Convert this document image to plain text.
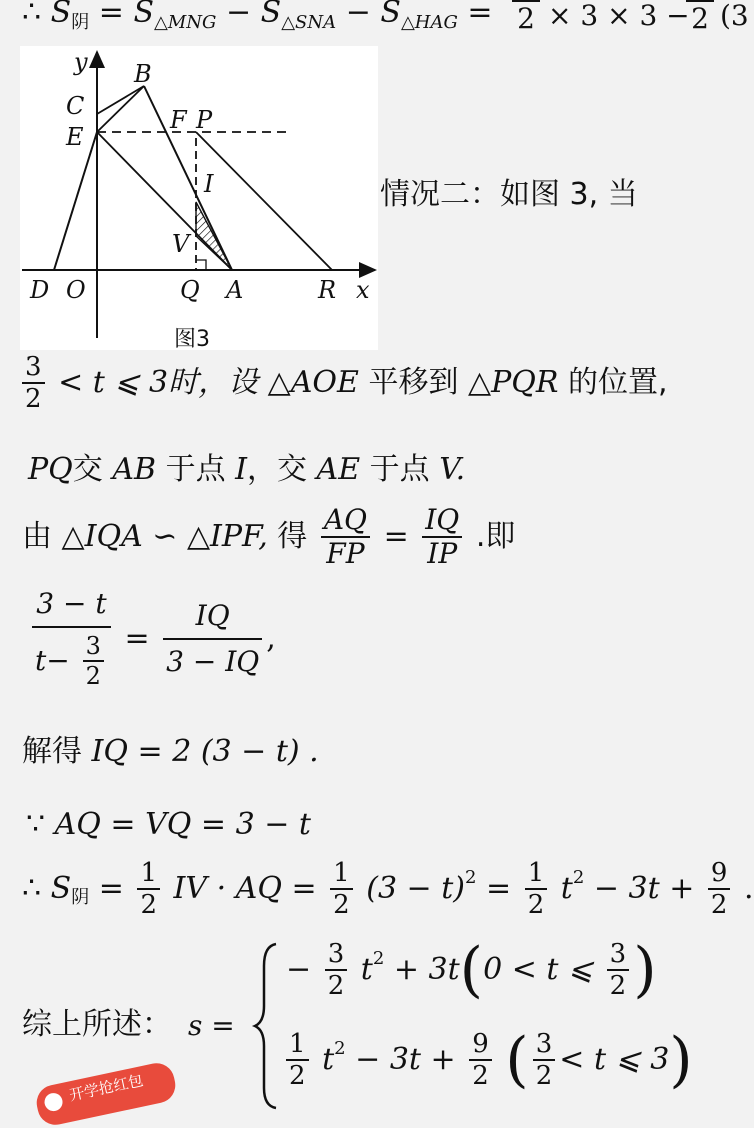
∴ $S_阴 = S_{\triangle MNG} - S_{\triangle SNA} - S_{\triangle HAG} = 2 \times 3 \times 3 - 2$ (3
y B
C
E
F P
I
V
D O	Q A	R x
图3
情况二：如图 3, 当
$\frac{3}{2} < t$ ⩽ 3时，设 △AOE 平移到 △PQR 的位置,
PQ交 AB 于点 I，交 AE 于点 V.
由 △IQA ∽ △IPF, 得 $\frac{AQ}{FP} = \frac{IQ}{IP}$ .即
$\frac{3 - t}{t- \frac{3}{2}} = \frac{IQ}{3 - IQ}$ ,
解得 IQ = 2 (3 − t) .
∵ AQ = VQ = 3 − t
∴ $S_阴 = \frac{1}{2}$ IV · AQ = $\frac{1}{2} (3 - t)^2 = \frac{1}{2} t^2 - 3t + \frac{9}{2}$ .
综上所述： s =
− $\frac{3}{2} t^2 + 3t(0 < t$ ⩽ $\frac{3}{2}$ )
$\frac{1}{2} t^2 - 3t + \frac{9}{2}$ ( $\frac{3}{2} < t$ ⩽ 3)
开学抢红包
